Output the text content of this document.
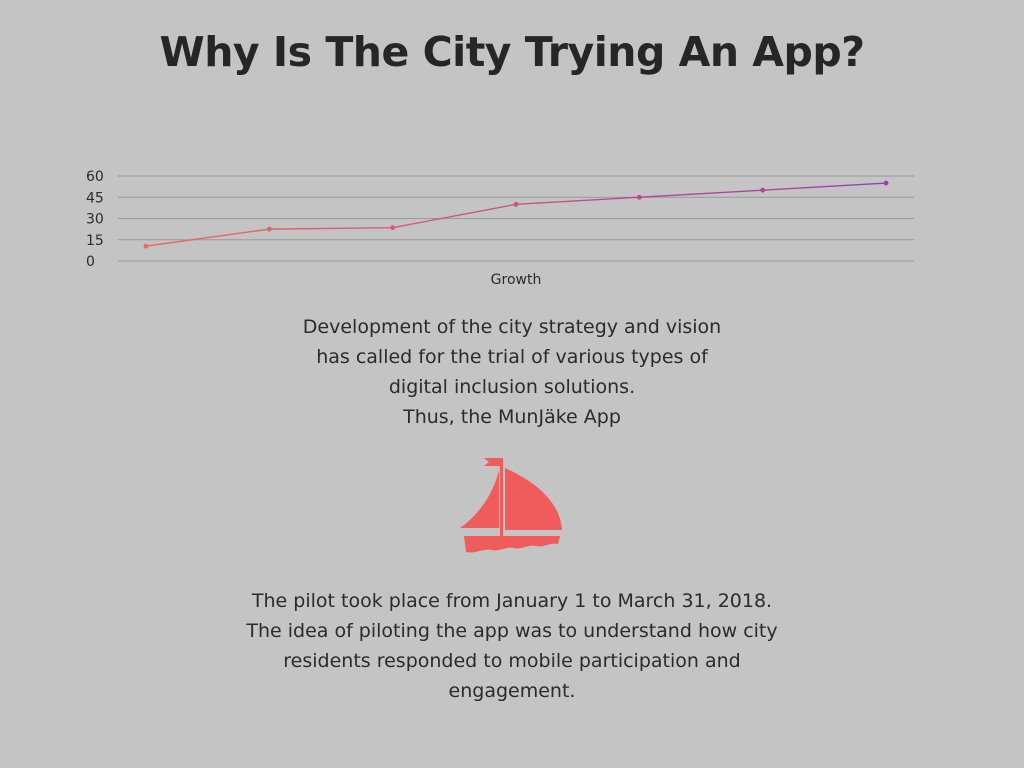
Why Is The City Trying An App?
0
15
30
45
60
Growth
Development of the city strategy and vision
has called for the trial of various types of
digital inclusion solutions.
Thus, the MunJäke App
The pilot took place from January 1 to March 31, 2018.
The idea of piloting the app was to understand how city
residents responded to mobile participation and
engagement.
